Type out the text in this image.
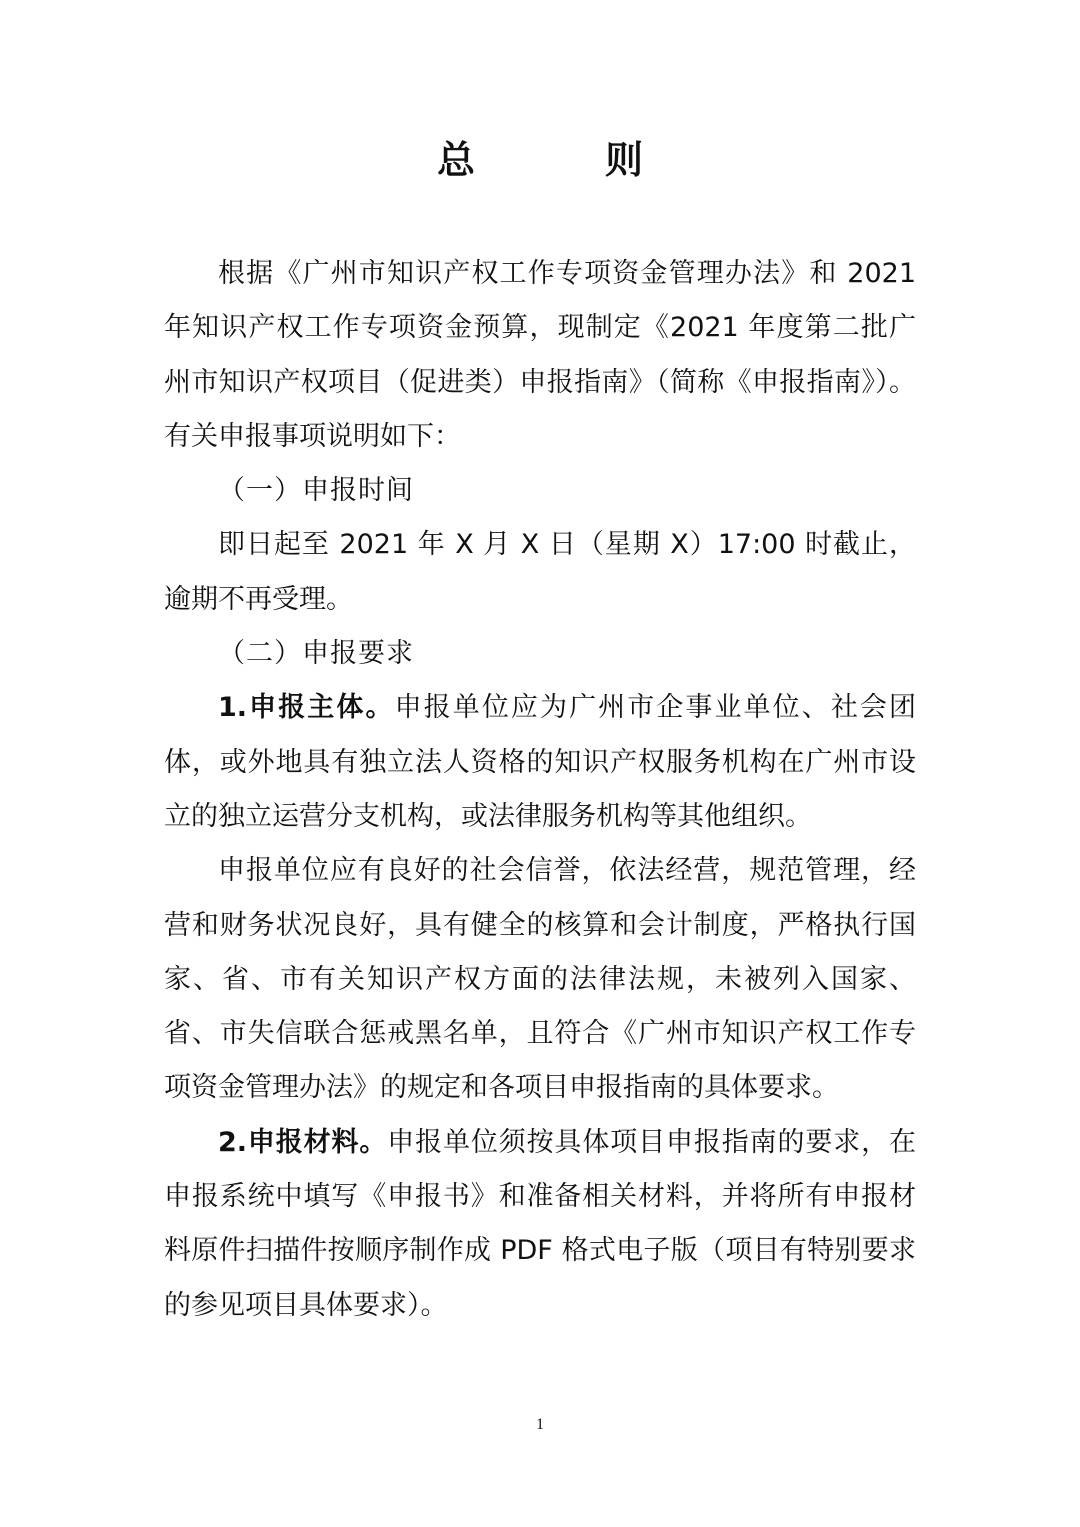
总　则

根据《广州市知识产权工作专项资金管理办法》和 2021 年知识产权工作专项资金预算，现制定《2021 年度第二批广州市知识产权项目（促进类）申报指南》（简称《申报指南》）。有关申报事项说明如下：

（一）申报时间

即日起至 2021 年 X 月 X 日（星期 X）17:00 时截止，逾期不再受理。

（二）申报要求

1.申报主体。申报单位应为广州市企事业单位、社会团体，或外地具有独立法人资格的知识产权服务机构在广州市设立的独立运营分支机构，或法律服务机构等其他组织。

申报单位应有良好的社会信誉，依法经营，规范管理，经营和财务状况良好，具有健全的核算和会计制度，严格执行国家、省、市有关知识产权方面的法律法规，未被列入国家、省、市失信联合惩戒黑名单，且符合《广州市知识产权工作专项资金管理办法》的规定和各项目申报指南的具体要求。

2.申报材料。申报单位须按具体项目申报指南的要求，在申报系统中填写《申报书》和准备相关材料，并将所有申报材料原件扫描件按顺序制作成 PDF 格式电子版（项目有特别要求的参见项目具体要求）。

1
